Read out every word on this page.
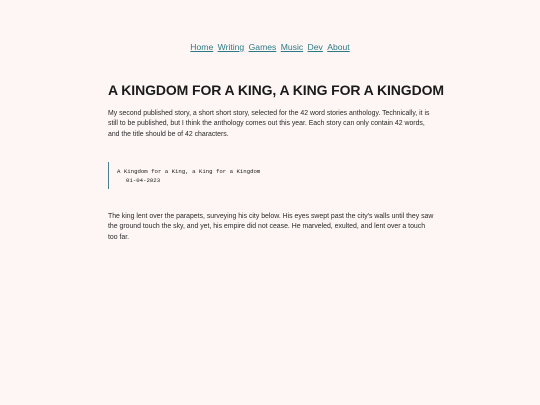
Home Writing Games Music Dev About
A KINGDOM FOR A KING, A KING FOR A KINGDOM

My second published story, a short short story, selected for the 42 word stories anthology. Technically, it is still to be published, but I think the anthology comes out this year. Each story can only contain 42 words, and the title should be of 42 characters.

A Kingdom for a King, a King for a Kingdom
01-04-2023

The king lent over the parapets, surveying his city below. His eyes swept past the city's walls until they saw the ground touch the sky, and yet, his empire did not cease. He marveled, exulted, and lent over a touch too far.
